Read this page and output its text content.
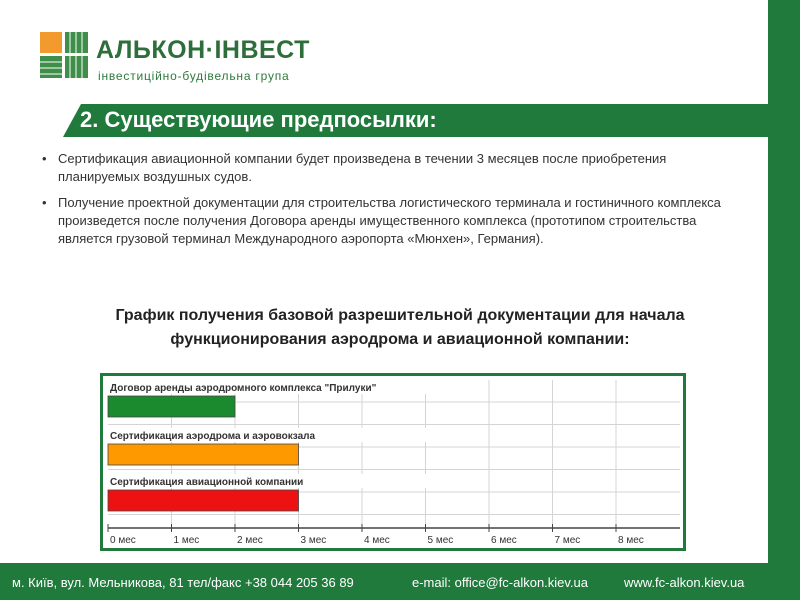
АЛЬКОН·ІНВЕСТ
інвестиційно-будівельна група
2. Существующие предпосылки:
• Сертификация авиационной компании будет произведена в течении 3 месяцев после приобретения планируемых воздушных судов.
• Получение проектной документации для строительства логистического терминала и гостиничного комплекса произведется после получения Договора аренды имущественного комплекса (прототипом строительства является грузовой терминал Международного аэропорта «Мюнхен», Германия).
График получения базовой разрешительной документации для начала функционирования аэродрома и авиационной компании:
Договор аренды аэродромного комплекса "Прилуки"
Сертификация аэродрома и аэровокзала
Сертификация авиационной компании
0 мес	1 мес	2 мес	3 мес	4 мес	5 мес	6 мес	7 мес	8 мес
м. Київ, вул. Мельникова, 81 тел/факс +38 044 205 36 89	e-mail: office@fc-alkon.kiev.ua	www.fc-alkon.kiev.ua
